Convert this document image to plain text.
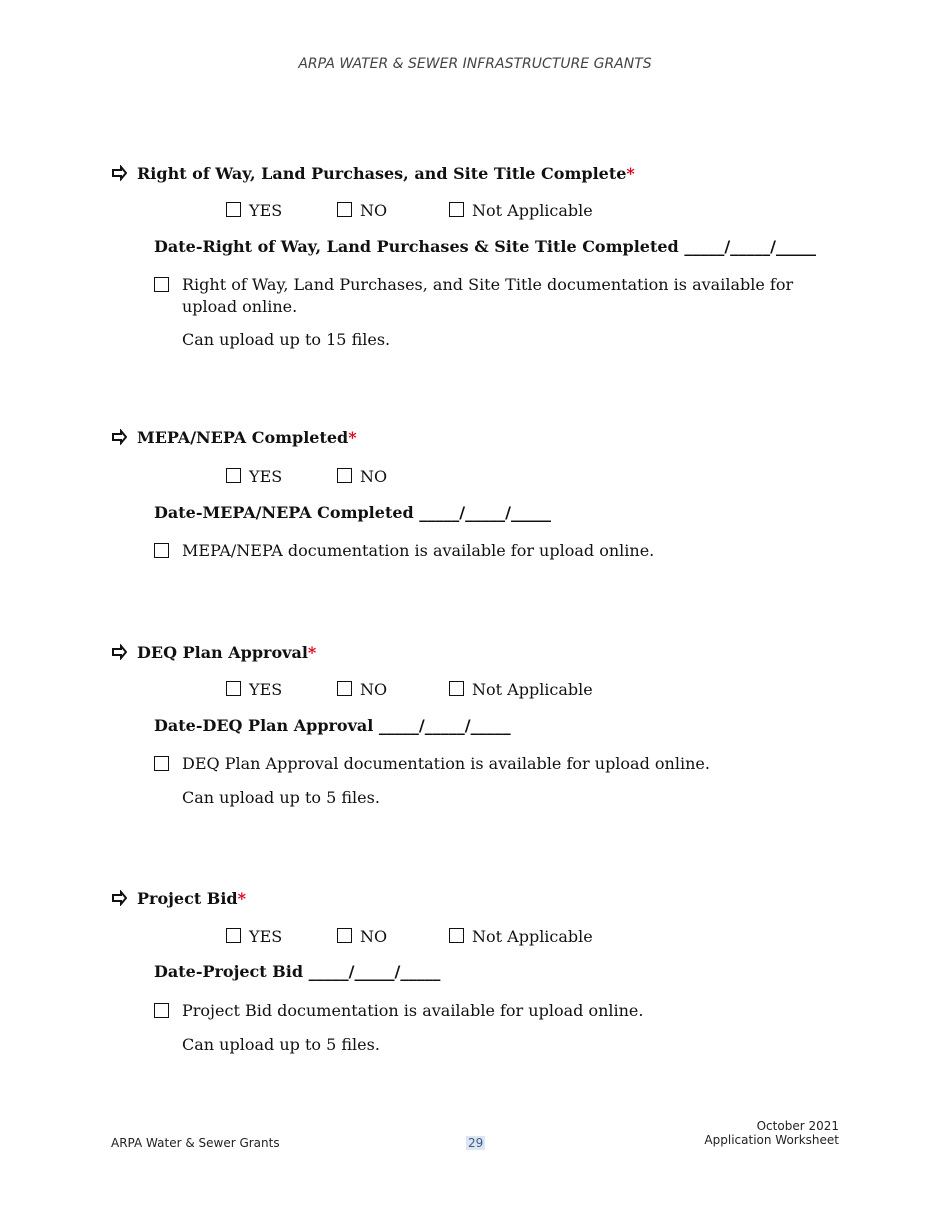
ARPA WATER & SEWER INFRASTRUCTURE GRANTS
Right of Way, Land Purchases, and Site Title Complete*
YES	NO	Not Applicable
Date-Right of Way, Land Purchases & Site Title Completed _____/_____/_____
Right of Way, Land Purchases, and Site Title documentation is available for upload online.
Can upload up to 15 files.
MEPA/NEPA Completed*
YES	NO
Date-MEPA/NEPA Completed _____/_____/_____
MEPA/NEPA documentation is available for upload online.
DEQ Plan Approval*
YES	NO	Not Applicable
Date-DEQ Plan Approval _____/_____/_____
DEQ Plan Approval documentation is available for upload online.
Can upload up to 5 files.
Project Bid*
YES	NO	Not Applicable
Date-Project Bid _____/_____/_____
Project Bid documentation is available for upload online.
Can upload up to 5 files.
ARPA Water & Sewer Grants	29
October 2021
Application Worksheet
